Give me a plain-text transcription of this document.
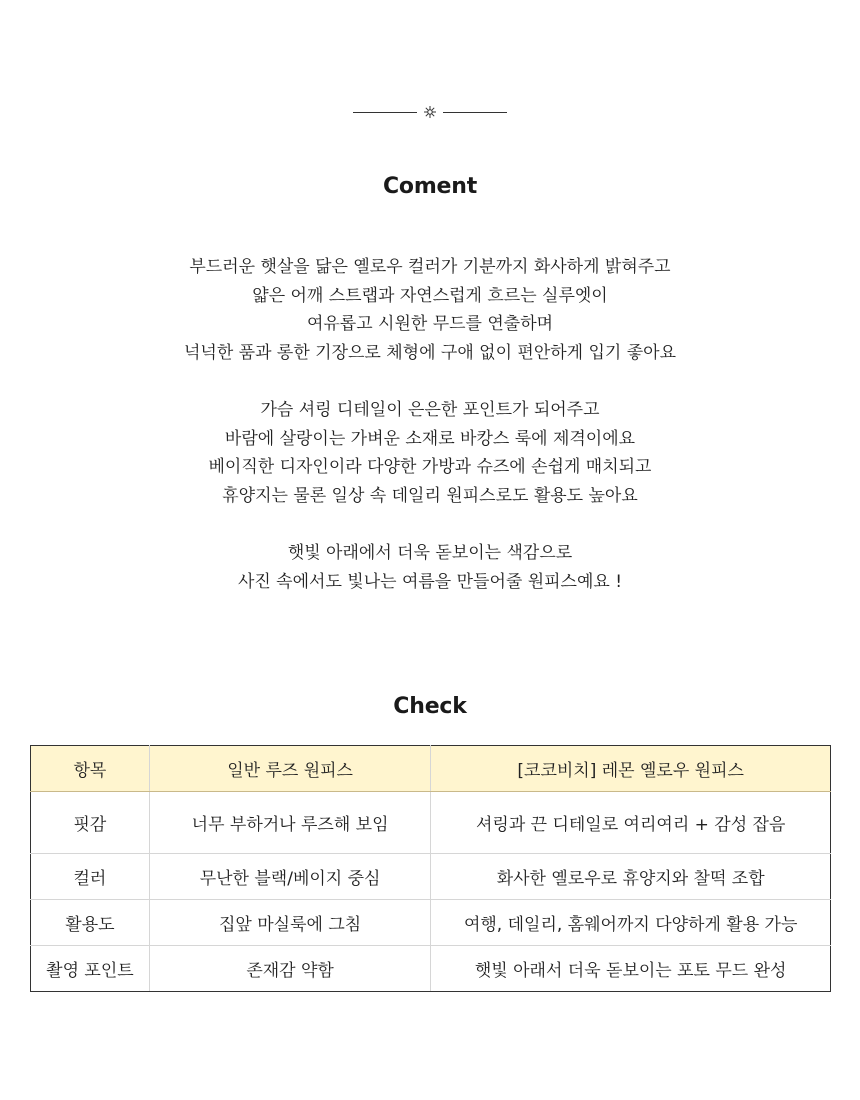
Coment

부드러운 햇살을 닮은 옐로우 컬러가 기분까지 화사하게 밝혀주고
얇은 어깨 스트랩과 자연스럽게 흐르는 실루엣이
여유롭고 시원한 무드를 연출하며
넉넉한 품과 롱한 기장으로 체형에 구애 없이 편안하게 입기 좋아요

가슴 셔링 디테일이 은은한 포인트가 되어주고
바람에 살랑이는 가벼운 소재로 바캉스 룩에 제격이에요
베이직한 디자인이라 다양한 가방과 슈즈에 손쉽게 매치되고
휴양지는 물론 일상 속 데일리 원피스로도 활용도 높아요

햇빛 아래에서 더욱 돋보이는 색감으로
사진 속에서도 빛나는 여름을 만들어줄 원피스예요 !

Check
항목	일반 루즈 원피스	[코코비치] 레몬 옐로우 원피스
핏감	너무 부하거나 루즈해 보임	셔링과 끈 디테일로 여리여리 + 감성 잡음
컬러	무난한 블랙/베이지 중심	화사한 옐로우로 휴양지와 찰떡 조합
활용도	집앞 마실룩에 그침	여행, 데일리, 홈웨어까지 다양하게 활용 가능
촬영 포인트	존재감 약함	햇빛 아래서 더욱 돋보이는 포토 무드 완성
